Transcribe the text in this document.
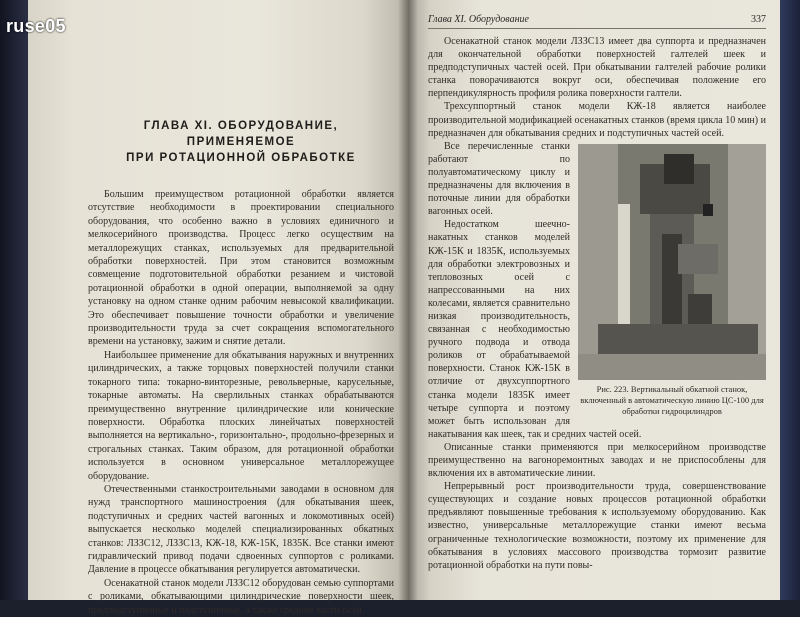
ruse05
ГЛАВА XI. ОБОРУДОВАНИЕ,
ПРИМЕНЯЕМОЕ
ПРИ РОТАЦИОННОЙ ОБРАБОТКЕ

Большим преимуществом ротационной обработки является отсутствие необходимости в проектировании специального оборудования, что особенно важно в условиях единичного и мелкосерийного производства. Процесс легко осуществим на металлорежущих станках, используемых для предварительной обработки поверхностей. При этом становится возможным совмещение подготовительной обработки резанием и чистовой ротационной обработки в одной операции, выполняемой за одну установку на одном станке одним рабочим невысокой квалификации. Это обеспечивает повышение точности обработки и увеличение производительности труда за счет сокращения вспомогательного времени на установку, зажим и снятие детали.

Наибольшее применение для обкатывания наружных и внутренних цилиндрических, а также торцовых поверхностей получили станки токарного типа: токарно-винторезные, револьверные, карусельные, токарные автоматы. На сверлильных станках обрабатываются преимущественно внутренние цилиндрические или конические поверхности. Обработка плоских линейчатых поверхностей выполняется на вертикально-, горизонтально-, продольно-фрезерных и строгальных станках. Таким образом, для ротационной обработки используется в основном универсальное металлорежущее оборудование.

Отечественными станкостроительными заводами в основном для нужд транспортного машиностроения (для обкатывания шеек, подступичных и средних частей вагонных и локомотивных осей) выпускается несколько моделей специализированных обкатных станков: ЛЗЗС12, ЛЗЗС13, КЖ-18, КЖ-15К, 1835К. Все станки имеют гидравлический привод подачи сдвоенных суппортов с роликами. Давление в процессе обкатывания регулируется автоматически.

Осенакатной станок модели ЛЗЗС12 оборудован семью суппортами с роликами, обкатывающими цилиндрические поверхности шеек, предподступичные и подступичные, а также средние части осей.

Глава XI. Оборудование	337

Осенакатной станок модели ЛЗЗС13 имеет два суппорта и предназначен для окончательной обработки поверхностей галтелей шеек и предподступичных частей осей. При обкатывании галтелей рабочие ролики станка поворачиваются вокруг оси, обеспечивая положение его перпендикулярность профиля ролика поверхности галтели.

Трехсуппортный станок модели КЖ-18 является наиболее производительной модификацией осенакатных станков (время цикла 10 мин) и предназначен для обкатывания средних и подступичных частей осей.

Рис. 223. Вертикальный обкатной станок, включенный в автоматическую линию ЦС-100 для обработки гидроцилиндров

Все перечисленные станки работают по полуавтоматическому циклу и предназначены для включения в поточные линии для обработки вагонных осей.

Недостатком шеечно-накатных станков моделей КЖ-15К и 1835К, используемых для обработки электровозных и тепловозных осей с напрессованными на них колесами, является сравнительно низкая производительность, связанная с необходимостью ручного подвода и отвода роликов от обрабатываемой поверхности. Станок КЖ-15К в отличие от двухсуппортного станка модели 1835К имеет четыре суппорта и поэтому может быть использован для накатывания как шеек, так и средних частей осей.

Описанные станки применяются при мелкосерийном производстве преимущественно на вагоноремонтных заводах и не приспособлены для включения их в автоматические линии.

Непрерывный рост производительности труда, совершенствование существующих и создание новых процессов ротационной обработки предъявляют повышенные требования к используемому оборудованию. Как известно, универсальные металлорежущие станки имеют весьма ограниченные технологические возможности, поэтому их применение для обкатывания в условиях массового производства тормозит развитие ротационной обработки на пути повы-
